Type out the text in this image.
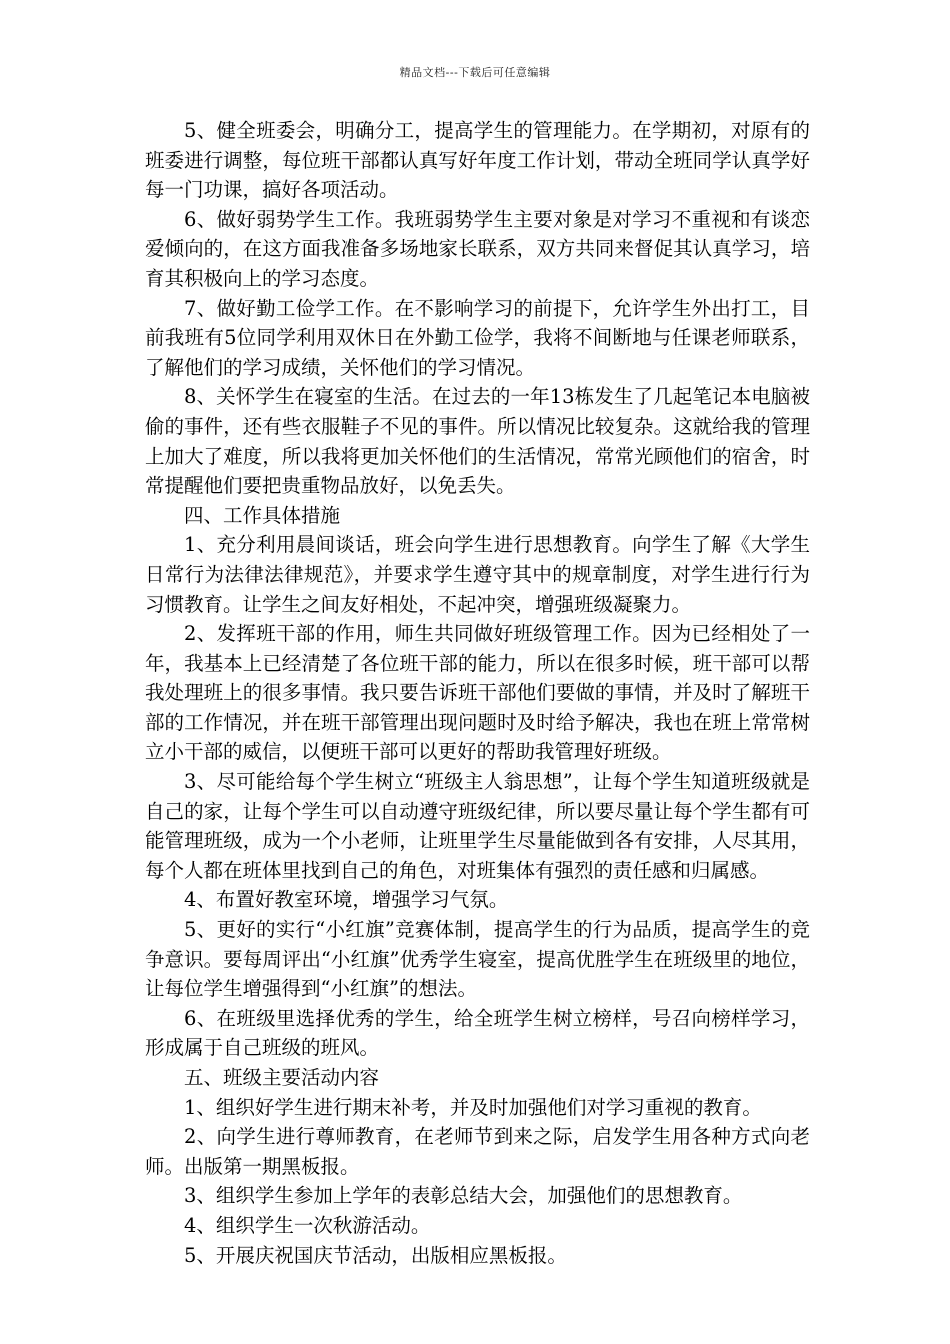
精品文档---下载后可任意编辑

5、健全班委会，明确分工，提高学生的管理能力。在学期初，对原有的班委进行调整，每位班干部都认真写好年度工作计划，带动全班同学认真学好每一门功课，搞好各项活动。

6、做好弱势学生工作。我班弱势学生主要对象是对学习不重视和有谈恋爱倾向的，在这方面我准备多场地家长联系，双方共同来督促其认真学习，培育其积极向上的学习态度。

7、做好勤工俭学工作。在不影响学习的前提下，允许学生外出打工，目前我班有5位同学利用双休日在外勤工俭学，我将不间断地与任课老师联系，了解他们的学习成绩，关怀他们的学习情况。

8、关怀学生在寝室的生活。在过去的一年13栋发生了几起笔记本电脑被偷的事件，还有些衣服鞋子不见的事件。所以情况比较复杂。这就给我的管理上加大了难度，所以我将更加关怀他们的生活情况，常常光顾他们的宿舍，时常提醒他们要把贵重物品放好，以免丢失。

四、工作具体措施

1、充分利用晨间谈话，班会向学生进行思想教育。向学生了解《大学生日常行为法律法律规范》，并要求学生遵守其中的规章制度，对学生进行行为习惯教育。让学生之间友好相处，不起冲突，增强班级凝聚力。

2、发挥班干部的作用，师生共同做好班级管理工作。因为已经相处了一年，我基本上已经清楚了各位班干部的能力，所以在很多时候，班干部可以帮我处理班上的很多事情。我只要告诉班干部他们要做的事情，并及时了解班干部的工作情况，并在班干部管理出现问题时及时给予解决，我也在班上常常树立小干部的威信，以便班干部可以更好的帮助我管理好班级。

3、尽可能给每个学生树立“班级主人翁思想”，让每个学生知道班级就是自己的家，让每个学生可以自动遵守班级纪律，所以要尽量让每个学生都有可能管理班级，成为一个小老师，让班里学生尽量能做到各有安排，人尽其用，每个人都在班体里找到自己的角色，对班集体有强烈的责任感和归属感。

4、布置好教室环境，增强学习气氛。

5、更好的实行“小红旗”竞赛体制，提高学生的行为品质，提高学生的竞争意识。要每周评出“小红旗”优秀学生寝室，提高优胜学生在班级里的地位，让每位学生增强得到“小红旗”的想法。

6、在班级里选择优秀的学生，给全班学生树立榜样，号召向榜样学习，形成属于自己班级的班风。

五、班级主要活动内容

1、组织好学生进行期末补考，并及时加强他们对学习重视的教育。

2、向学生进行尊师教育，在老师节到来之际，启发学生用各种方式向老师。出版第一期黑板报。

3、组织学生参加上学年的表彰总结大会，加强他们的思想教育。

4、组织学生一次秋游活动。

5、开展庆祝国庆节活动，出版相应黑板报。
